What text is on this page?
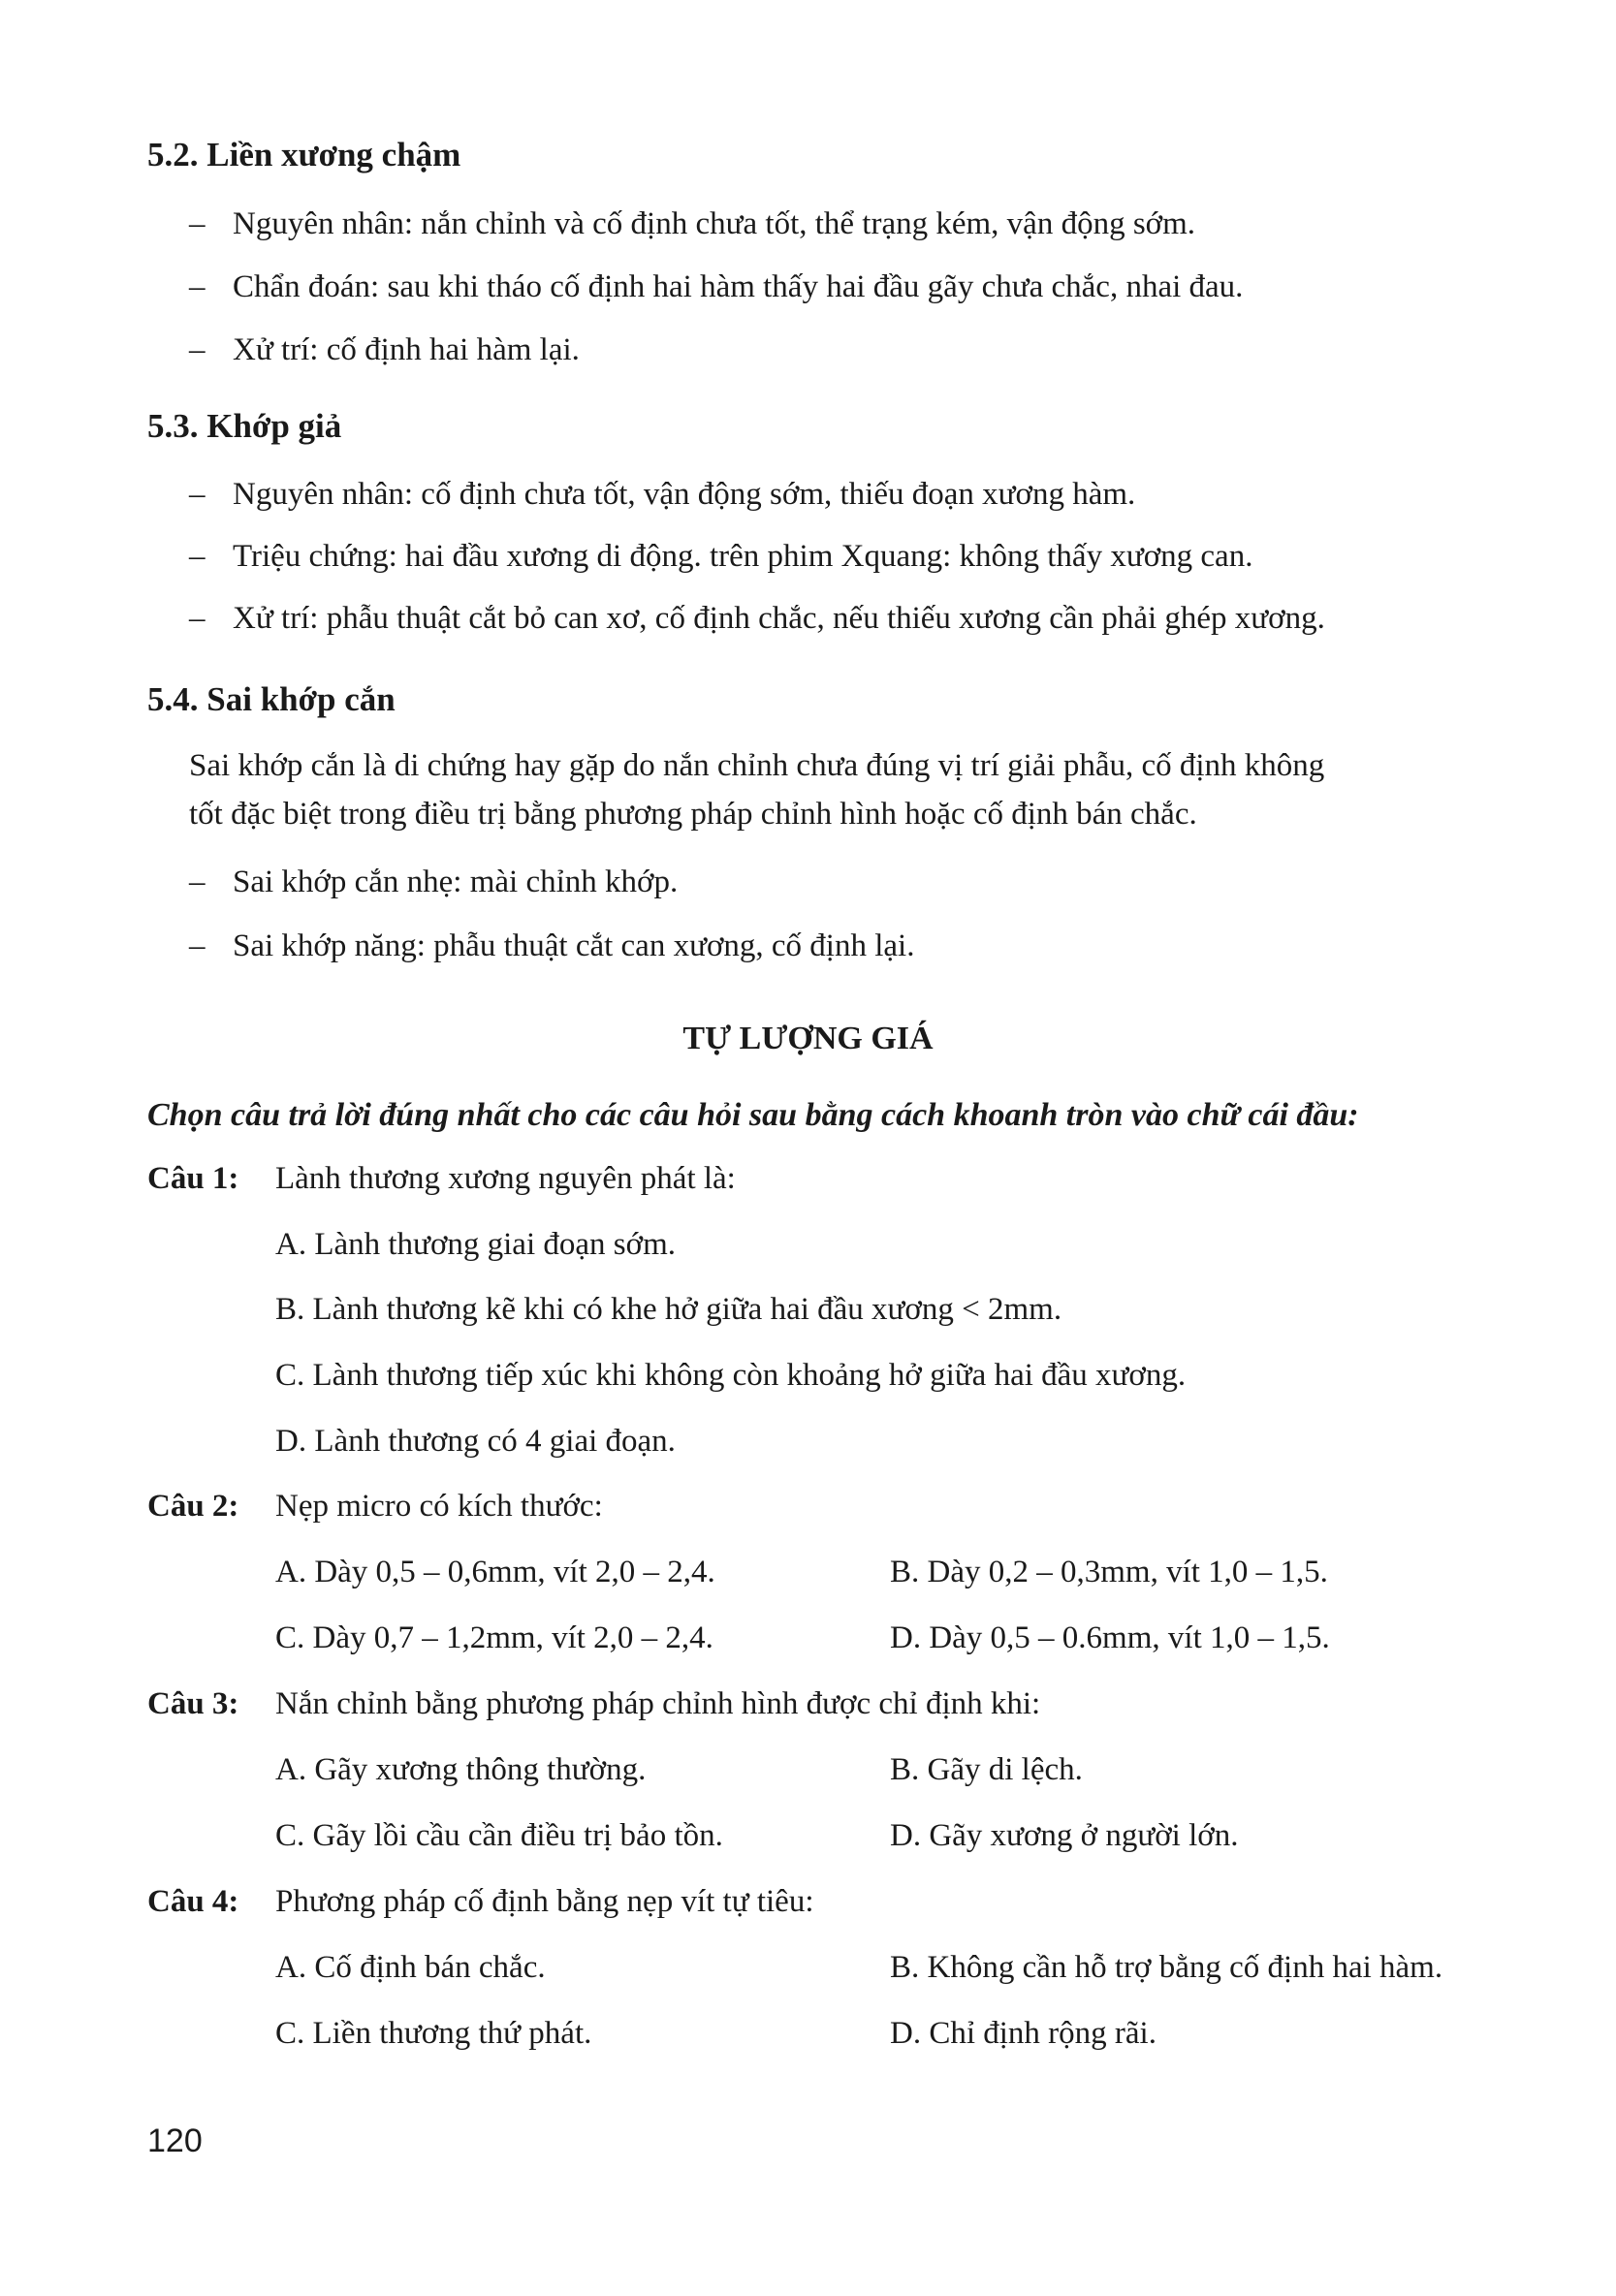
5.2. Liền xương chậm
– Nguyên nhân: nắn chỉnh và cố định chưa tốt, thể trạng kém, vận động sớm.
– Chẩn đoán: sau khi tháo cố định hai hàm thấy hai đầu gãy chưa chắc, nhai đau.
– Xử trí: cố định hai hàm lại.
5.3. Khớp giả
– Nguyên nhân: cố định chưa tốt, vận động sớm, thiếu đoạn xương hàm.
– Triệu chứng: hai đầu xương di động. trên phim Xquang: không thấy xương can.
– Xử trí: phẫu thuật cắt bỏ can xơ, cố định chắc, nếu thiếu xương cần phải ghép xương.
5.4. Sai khớp cắn
Sai khớp cắn là di chứng hay gặp do nắn chỉnh chưa đúng vị trí giải phẫu, cố định không
tốt đặc biệt trong điều trị bằng phương pháp chỉnh hình hoặc cố định bán chắc.
– Sai khớp cắn nhẹ: mài chỉnh khớp.
– Sai khớp năng: phẫu thuật cắt can xương, cố định lại.
TỰ LƯỢNG GIÁ
Chọn câu trả lời đúng nhất cho các câu hỏi sau bằng cách khoanh tròn vào chữ cái đầu:
Câu 1: Lành thương xương nguyên phát là:
A. Lành thương giai đoạn sớm.
B. Lành thương kẽ khi có khe hở giữa hai đầu xương < 2mm.
C. Lành thương tiếp xúc khi không còn khoảng hở giữa hai đầu xương.
D. Lành thương có 4 giai đoạn.
Câu 2: Nẹp micro có kích thước:
A. Dày 0,5 – 0,6mm, vít 2,0 – 2,4.	B. Dày 0,2 – 0,3mm, vít 1,0 – 1,5.
C. Dày 0,7 – 1,2mm, vít 2,0 – 2,4.	D. Dày 0,5 – 0.6mm, vít 1,0 – 1,5.
Câu 3: Nắn chỉnh bằng phương pháp chỉnh hình được chỉ định khi:
A. Gãy xương thông thường.	B. Gãy di lệch.
C. Gãy lồi cầu cần điều trị bảo tồn.	D. Gãy xương ở người lớn.
Câu 4: Phương pháp cố định bằng nẹp vít tự tiêu:
A. Cố định bán chắc.	B. Không cần hỗ trợ bằng cố định hai hàm.
C. Liền thương thứ phát.	D. Chỉ định rộng rãi.
120
